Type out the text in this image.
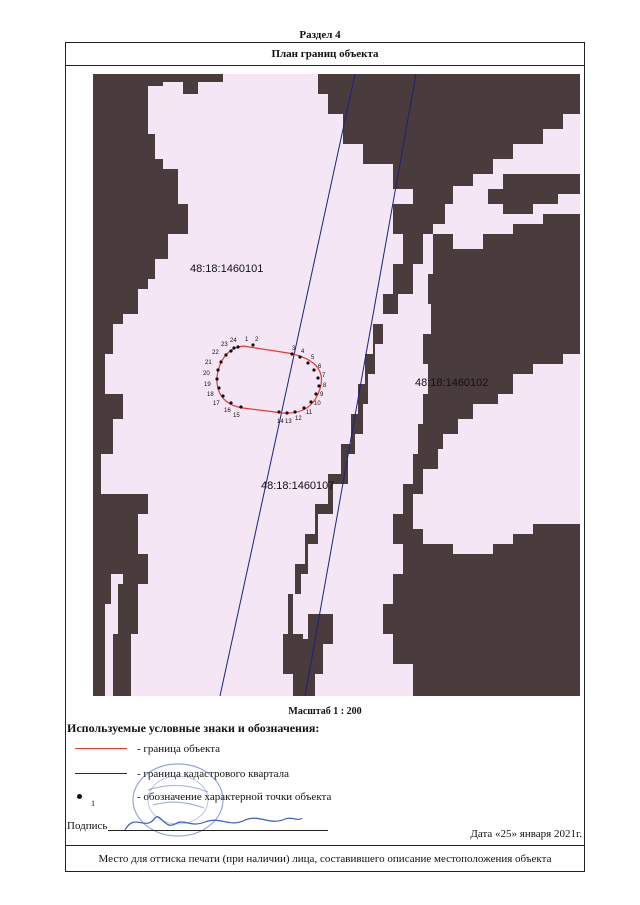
Раздел 4
План границ объекта
1 2
3 4
5
6
7
8
9
10
11
12
13
14
15
16
17
18
19
20
21
22
23
24
48:18:1460101
48:18:1460102
48:18:1460107
Масштаб 1 : 200
Используемые условные знаки и обозначения:
- граница объекта
- граница кадастрового квартала
1
- обозначение характерной точки объекта
Подпись
Дата «25» января 2021г.
Место для оттиска печати (при наличии) лица, составившего описание местоположения объекта
